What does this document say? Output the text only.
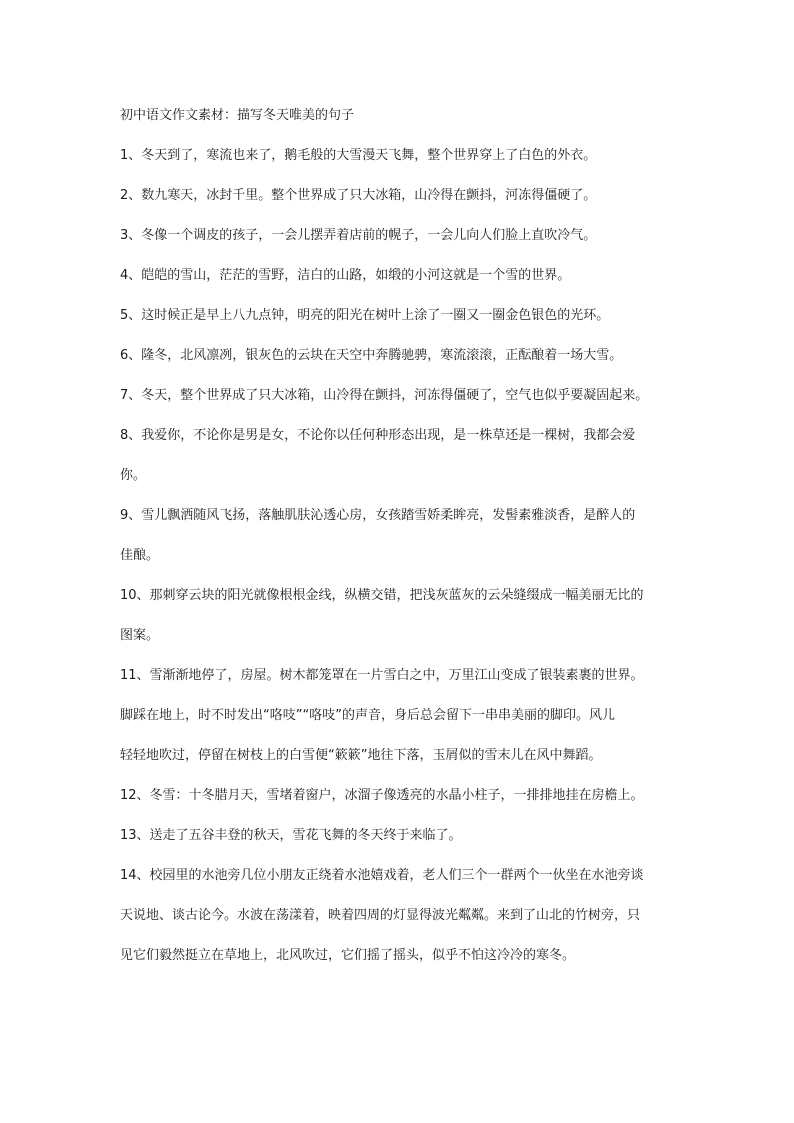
初中语文作文素材：描写冬天唯美的句子
1、冬天到了，寒流也来了，鹅毛般的大雪漫天飞舞，整个世界穿上了白色的外衣。
2、数九寒天，冰封千里。整个世界成了只大冰箱，山冷得在颤抖，河冻得僵硬了。
3、冬像一个调皮的孩子，一会儿摆弄着店前的幌子，一会儿向人们脸上直吹冷气。
4、皑皑的雪山，茫茫的雪野，洁白的山路，如缎的小河这就是一个雪的世界。
5、这时候正是早上八九点钟，明亮的阳光在树叶上涂了一圈又一圈金色银色的光环。
6、隆冬，北风凛冽，银灰色的云块在天空中奔腾驰骋，寒流滚滚，正酝酿着一场大雪。
7、冬天，整个世界成了只大冰箱，山冷得在颤抖，河冻得僵硬了，空气也似乎要凝固起来。
8、我爱你，不论你是男是女，不论你以任何种形态出现，是一株草还是一棵树，我都会爱
你。
9、雪儿飘洒随风飞扬，落触肌肤沁透心房，女孩踏雪娇柔眸亮，发髻素雅淡香，是醉人的
佳酿。
10、那刺穿云块的阳光就像根根金线，纵横交错，把浅灰蓝灰的云朵缝缀成一幅美丽无比的
图案。
11、雪渐渐地停了，房屋。树木都笼罩在一片雪白之中，万里江山变成了银装素裹的世界。
脚踩在地上，时不时发出“咯吱”“咯吱”的声音，身后总会留下一串串美丽的脚印。风儿
轻轻地吹过，停留在树枝上的白雪便“簌簌”地往下落，玉屑似的雪末儿在风中舞蹈。
12、冬雪：十冬腊月天，雪堵着窗户，冰溜子像透亮的水晶小柱子，一排排地挂在房檐上。
13、送走了五谷丰登的秋天，雪花飞舞的冬天终于来临了。
14、校园里的水池旁几位小朋友正绕着水池嬉戏着，老人们三个一群两个一伙坐在水池旁谈
天说地、谈古论今。水波在荡漾着，映着四周的灯显得波光粼粼。来到了山北的竹树旁，只
见它们毅然挺立在草地上，北风吹过，它们摇了摇头，似乎不怕这冷冷的寒冬。
